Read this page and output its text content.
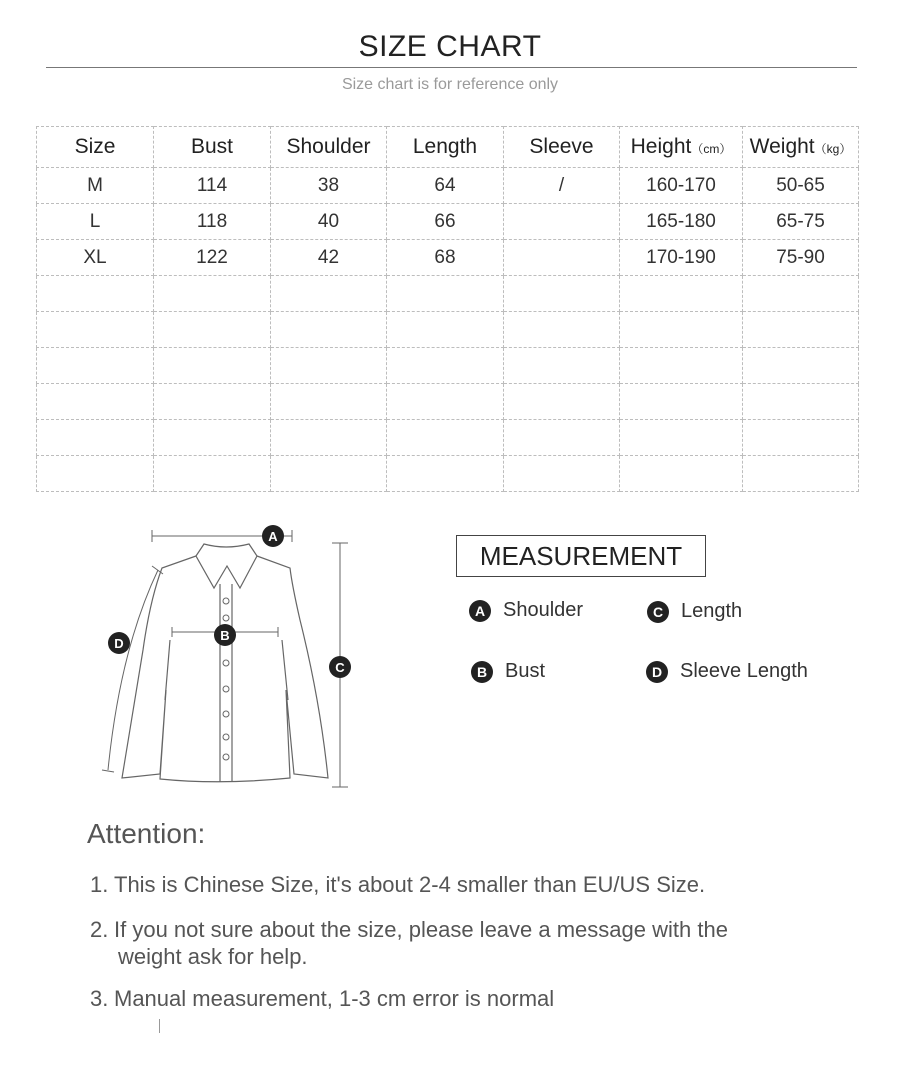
SIZE CHART
Size chart is for reference only
Size	Bust	Shoulder	Length	Sleeve	Height（cm）	Weight（kg）
M	114	38	64	/	160-170	50-65
L	118	40	66		165-180	65-75
XL	122	42	68		170-190	75-90

A
B
C
D
MEASUREMENT
A Shoulder	C Length
B Bust	D Sleeve Length
Attention:
1. This is Chinese Size, it's about 2-4 smaller than EU/US Size.
2. If you not sure about the size, please leave a message with the
weight ask for help.
3. Manual measurement, 1-3 cm error is normal
